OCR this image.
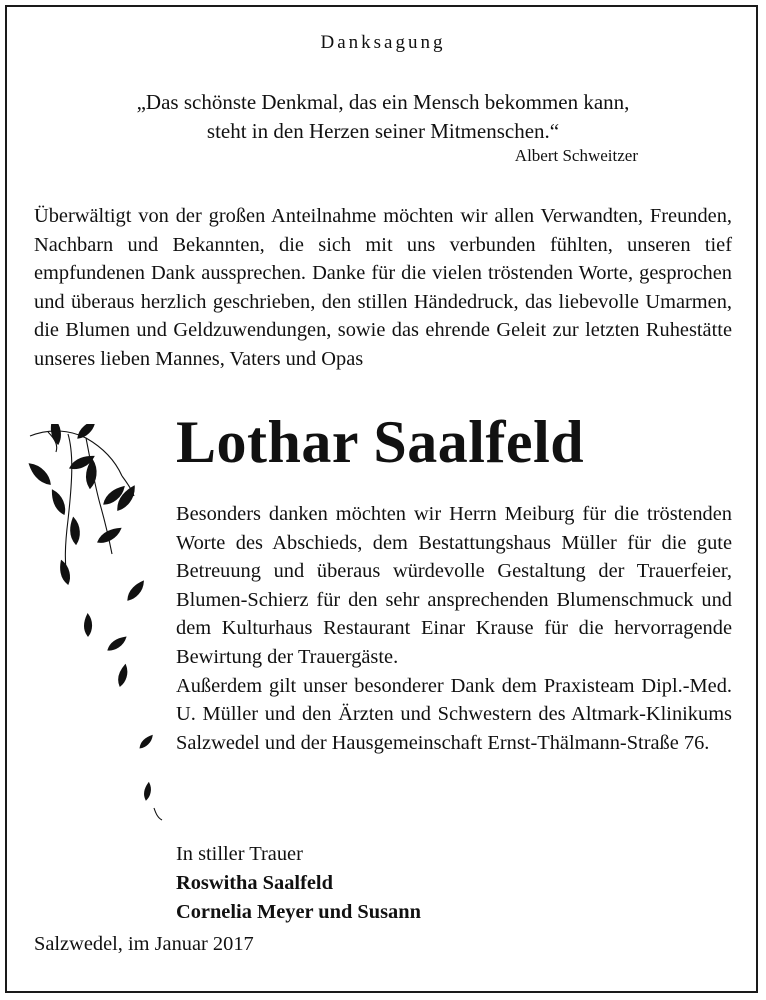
Danksagung
„Das schönste Denkmal, das ein Mensch bekommen kann,
steht in den Herzen seiner Mitmenschen.“
Albert Schweitzer
Überwältigt von der großen Anteilnahme möchten wir allen Verwandten, Freunden, Nachbarn und Bekannten, die sich mit uns verbunden fühlten, unseren tief empfundenen Dank aussprechen. Danke für die vielen tröstenden Worte, gesprochen und überaus herzlich geschrieben, den stillen Händedruck, das liebevolle Umarmen, die Blumen und Geldzuwendungen, sowie das ehrende Geleit zur letzten Ruhestätte unseres lieben Mannes, Vaters und Opas
Lothar Saalfeld

Besonders danken möchten wir Herrn Meiburg für die tröstenden Worte des Abschieds, dem Bestattungshaus Müller für die gute Betreuung und überaus würdevolle Gestaltung der Trauerfeier, Blumen-Schierz für den sehr ansprechenden Blumenschmuck und dem Kulturhaus Restaurant Einar Krause für die hervorragende Bewirtung der Trauergäste.

Außerdem gilt unser besonderer Dank dem Praxisteam Dipl.-Med. U. Müller und den Ärzten und Schwestern des Altmark-Klinikums Salzwedel und der Hausgemeinschaft Ernst-Thälmann-Straße 76.

In stiller Trauer
Roswitha Saalfeld
Cornelia Meyer und Susann
Salzwedel, im Januar 2017
